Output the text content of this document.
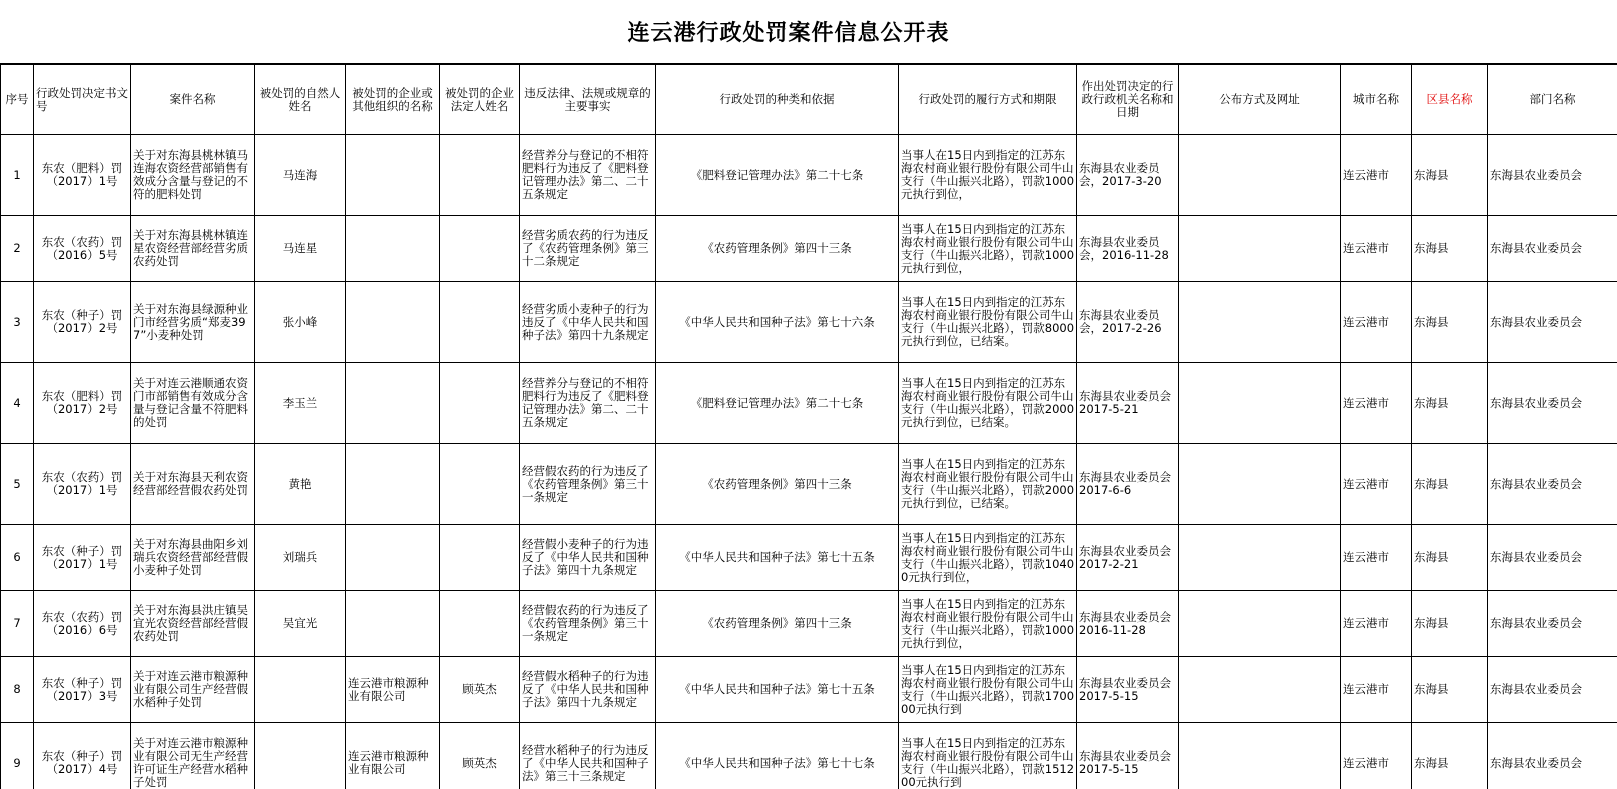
连云港行政处罚案件信息公开表
序号	行政处罚决定书文号	案件名称	被处罚的自然人姓名	被处罚的企业或其他组织的名称	被处罚的企业法定人姓名	违反法律、法规或规章的主要事实	行政处罚的种类和依据	行政处罚的履行方式和期限	作出处罚决定的行政行政机关名称和日期	公布方式及网址	城市名称	区县名称	部门名称

1	东农（肥料）罚（2017）1号	关于对东海县桃林镇马连海农资经营部销售有效成分含量与登记的不符的肥料处罚	马连海			经营养分与登记的不相符肥料行为违反了《肥料登记管理办法》第二、二十五条规定	《肥料登记管理办法》第二十七条	当事人在15日内到指定的江苏东海农村商业银行股份有限公司牛山支行（牛山振兴北路），罚款1000元执行到位，	东海县农业委员会，2017-3-20		连云港市	东海县	东海县农业委员会

2	东农（农药）罚（2016）5号	关于对东海县桃林镇连星农资经营部经营劣质农药处罚	马连星			经营劣质农药的行为违反了《农药管理条例》第三十二条规定	《农药管理条例》第四十三条	当事人在15日内到指定的江苏东海农村商业银行股份有限公司牛山支行（牛山振兴北路），罚款1000元执行到位，	东海县农业委员会，2016-11-28		连云港市	东海县	东海县农业委员会

3	东农（种子）罚（2017）2号	关于对东海县绿源种业门市经营劣质“郑麦397”小麦种处罚	张小峰			经营劣质小麦种子的行为违反了《中华人民共和国种子法》第四十九条规定	《中华人民共和国种子法》第七十六条	当事人在15日内到指定的江苏东海农村商业银行股份有限公司牛山支行（牛山振兴北路），罚款8000元执行到位，已结案。	东海县农业委员会，2017-2-26		连云港市	东海县	东海县农业委员会

4	东农（肥料）罚（2017）2号	关于对连云港顺通农资门市部销售有效成分含量与登记含量不符肥料的处罚	李玉兰			经营养分与登记的不相符肥料行为违反了《肥料登记管理办法》第二、二十五条规定	《肥料登记管理办法》第二十七条	当事人在15日内到指定的江苏东海农村商业银行股份有限公司牛山支行（牛山振兴北路），罚款2000元执行到位，已结案。	东海县农业委员会2017-5-21		连云港市	东海县	东海县农业委员会

5	东农（农药）罚（2017）1号	关于对东海县天利农资经营部经营假农药处罚	黄艳			经营假农药的行为违反了《农药管理条例》第三十一条规定	《农药管理条例》第四十三条	当事人在15日内到指定的江苏东海农村商业银行股份有限公司牛山支行（牛山振兴北路），罚款2000元执行到位，已结案。	东海县农业委员会2017-6-6		连云港市	东海县	东海县农业委员会

6	东农（种子）罚（2017）1号	关于对东海县曲阳乡刘瑞兵农资经营部经营假小麦种子处罚	刘瑞兵			经营假小麦种子的行为违反了《中华人民共和国种子法》第四十九条规定	《中华人民共和国种子法》第七十五条	当事人在15日内到指定的江苏东海农村商业银行股份有限公司牛山支行（牛山振兴北路），罚款10400元执行到位，	东海县农业委员会2017-2-21		连云港市	东海县	东海县农业委员会

7	东农（农药）罚（2016）6号	关于对东海县洪庄镇吴宜光农资经营部经营假农药处罚	吴宜光			经营假农药的行为违反了《农药管理条例》第三十一条规定	《农药管理条例》第四十三条	当事人在15日内到指定的江苏东海农村商业银行股份有限公司牛山支行（牛山振兴北路），罚款1000元执行到位，	东海县农业委员会2016-11-28		连云港市	东海县	东海县农业委员会

8	东农（种子）罚（2017）3号	关于对连云港市粮源种业有限公司生产经营假水稻种子处罚		连云港市粮源种业有限公司	顾英杰	经营假水稻种子的行为违反了《中华人民共和国种子法》第四十九条规定	《中华人民共和国种子法》第七十五条	当事人在15日内到指定的江苏东海农村商业银行股份有限公司牛山支行（牛山振兴北路），罚款170000元执行到	东海县农业委员会2017-5-15		连云港市	东海县	东海县农业委员会

9	东农（种子）罚（2017）4号	关于对连云港市粮源种业有限公司无生产经营许可证生产经营水稻种子处罚		连云港市粮源种业有限公司	顾英杰	经营水稻种子的行为违反了《中华人民共和国种子法》第三十三条规定	《中华人民共和国种子法》第七十七条	当事人在15日内到指定的江苏东海农村商业银行股份有限公司牛山支行（牛山振兴北路），罚款151200元执行到	东海县农业委员会2017-5-15		连云港市	东海县	东海县农业委员会
